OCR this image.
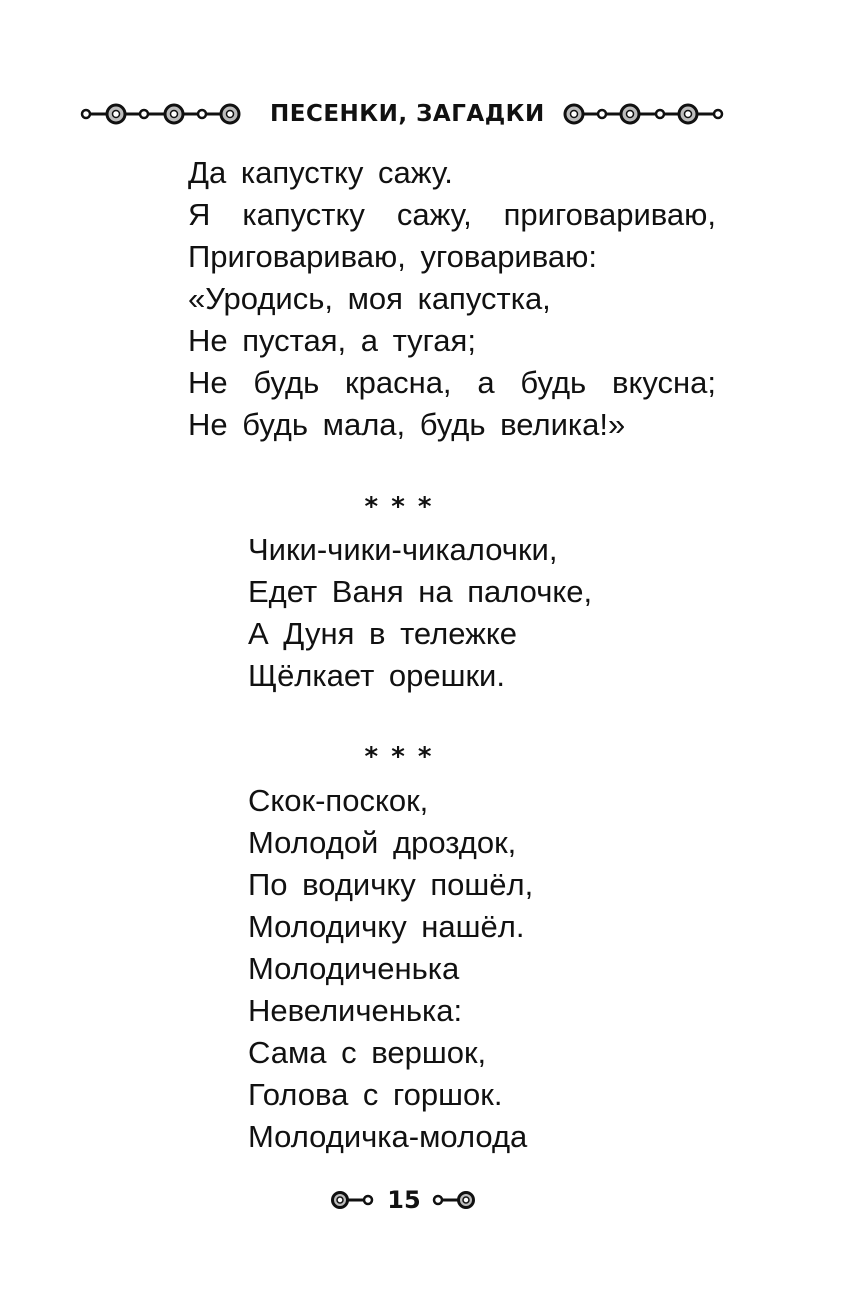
ПЕСЕНКИ, ЗАГАДКИ
Да капустку сажу.
Я капустку сажу, приговариваю,
Приговариваю, уговариваю:
«Уродись, моя капустка,
Не пустая, а тугая;
Не будь красна, а будь вкусна;
Не будь мала, будь велика!»
* * *
Чики-чики-чикалочки,
Едет Ваня на палочке,
А Дуня в тележке
Щёлкает орешки.
* * *
Скок-поскок,
Молодой дроздок,
По водичку пошёл,
Молодичку нашёл.
Молодиченька
Невеличенька:
Сама с вершок,
Голова с горшок.
Молодичка-молода
15
